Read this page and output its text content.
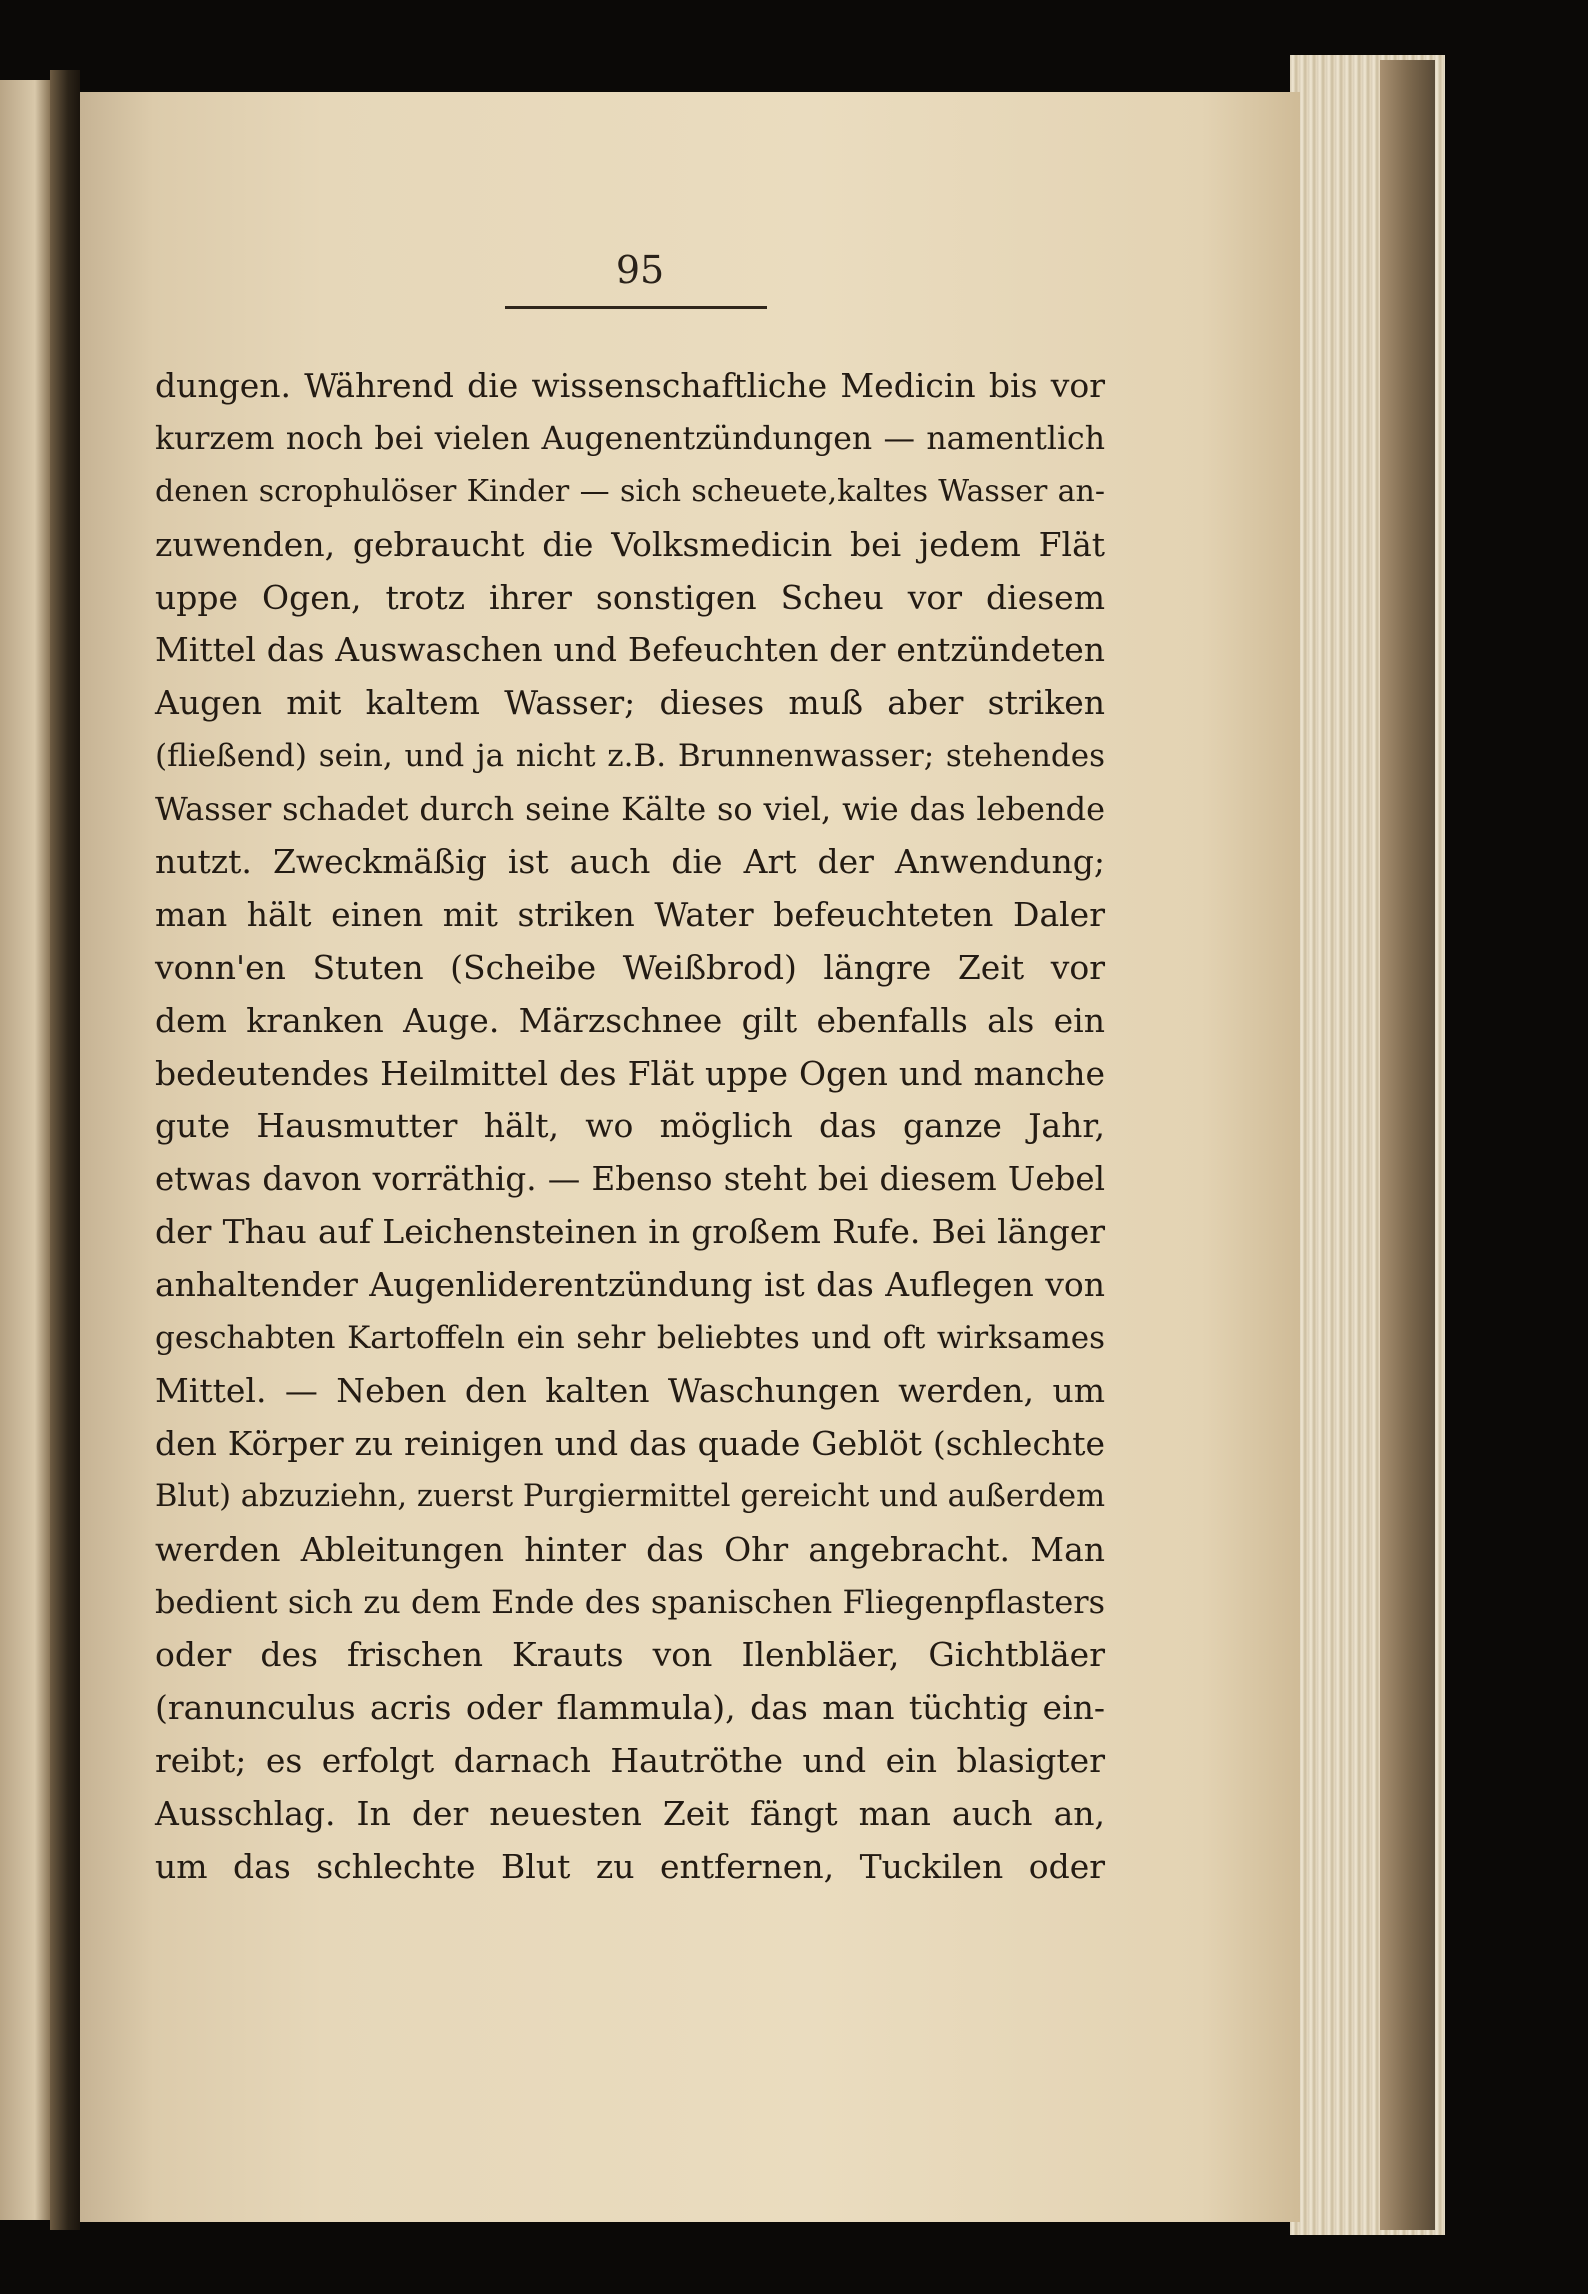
95
dungen. Während die wissenschaftliche Medicin bis vor
kurzem noch bei vielen Augenentzündungen — namentlich
denen scrophulöser Kinder — sich scheuete,kaltes Wasser an-
zuwenden, gebraucht die Volksmedicin bei jedem Flät
uppe Ogen, trotz ihrer sonstigen Scheu vor diesem
Mittel das Auswaschen und Befeuchten der entzündeten
Augen mit kaltem Wasser; dieses muß aber striken
(fließend) sein, und ja nicht z.B. Brunnenwasser; stehendes
Wasser schadet durch seine Kälte so viel, wie das lebende
nutzt. Zweckmäßig ist auch die Art der Anwendung;
man hält einen mit striken Water befeuchteten Daler
vonn'en Stuten (Scheibe Weißbrod) längre Zeit vor
dem kranken Auge. Märzschnee gilt ebenfalls als ein
bedeutendes Heilmittel des Flät uppe Ogen und manche
gute Hausmutter hält, wo möglich das ganze Jahr,
etwas davon vorräthig. — Ebenso steht bei diesem Uebel
der Thau auf Leichensteinen in großem Rufe. Bei länger
anhaltender Augenliderentzündung ist das Auflegen von
geschabten Kartoffeln ein sehr beliebtes und oft wirksames
Mittel. — Neben den kalten Waschungen werden, um
den Körper zu reinigen und das quade Geblöt (schlechte
Blut) abzuziehn, zuerst Purgiermittel gereicht und außerdem
werden Ableitungen hinter das Ohr angebracht. Man
bedient sich zu dem Ende des spanischen Fliegenpflasters
oder des frischen Krauts von Ilenbläer, Gichtbläer
(ranunculus acris oder flammula), das man tüchtig ein-
reibt; es erfolgt darnach Hautröthe und ein blasigter
Ausschlag. In der neuesten Zeit fängt man auch an,
um das schlechte Blut zu entfernen, Tuckilen oder
